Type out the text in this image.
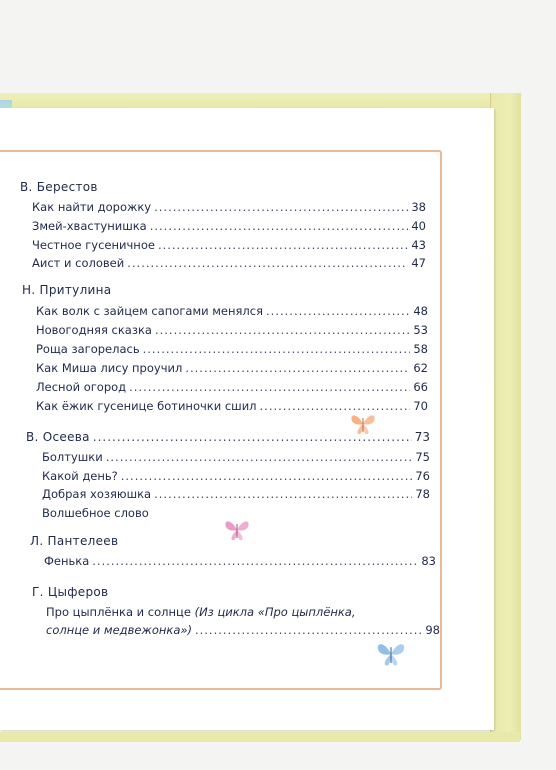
В. Берестов
Как найти дорожку .....	38
Змей-хвастунишка .....	40
Честное гусеничное .....	43
Аист и соловей .....	47
Н. Притулина
Как волк с зайцем сапогами менялся .....	48
Новогодняя сказка .....	53
Роща загорелась .....	58
Как Миша лису проучил .....	62
Лесной огород .....	66
Как ёжик гусенице ботиночки сшил .....	70
В. Осеева .....	73
Болтушки .....	75
Какой день? .....	76
Добрая хозяюшка .....	78
Волшебное слово
Л. Пантелеев
Фенька .....	83
Г. Цыферов
Про цыплёнка и солнце (Из цикла «Про цыплёнка,
солнце и медвежонка») .....	98
